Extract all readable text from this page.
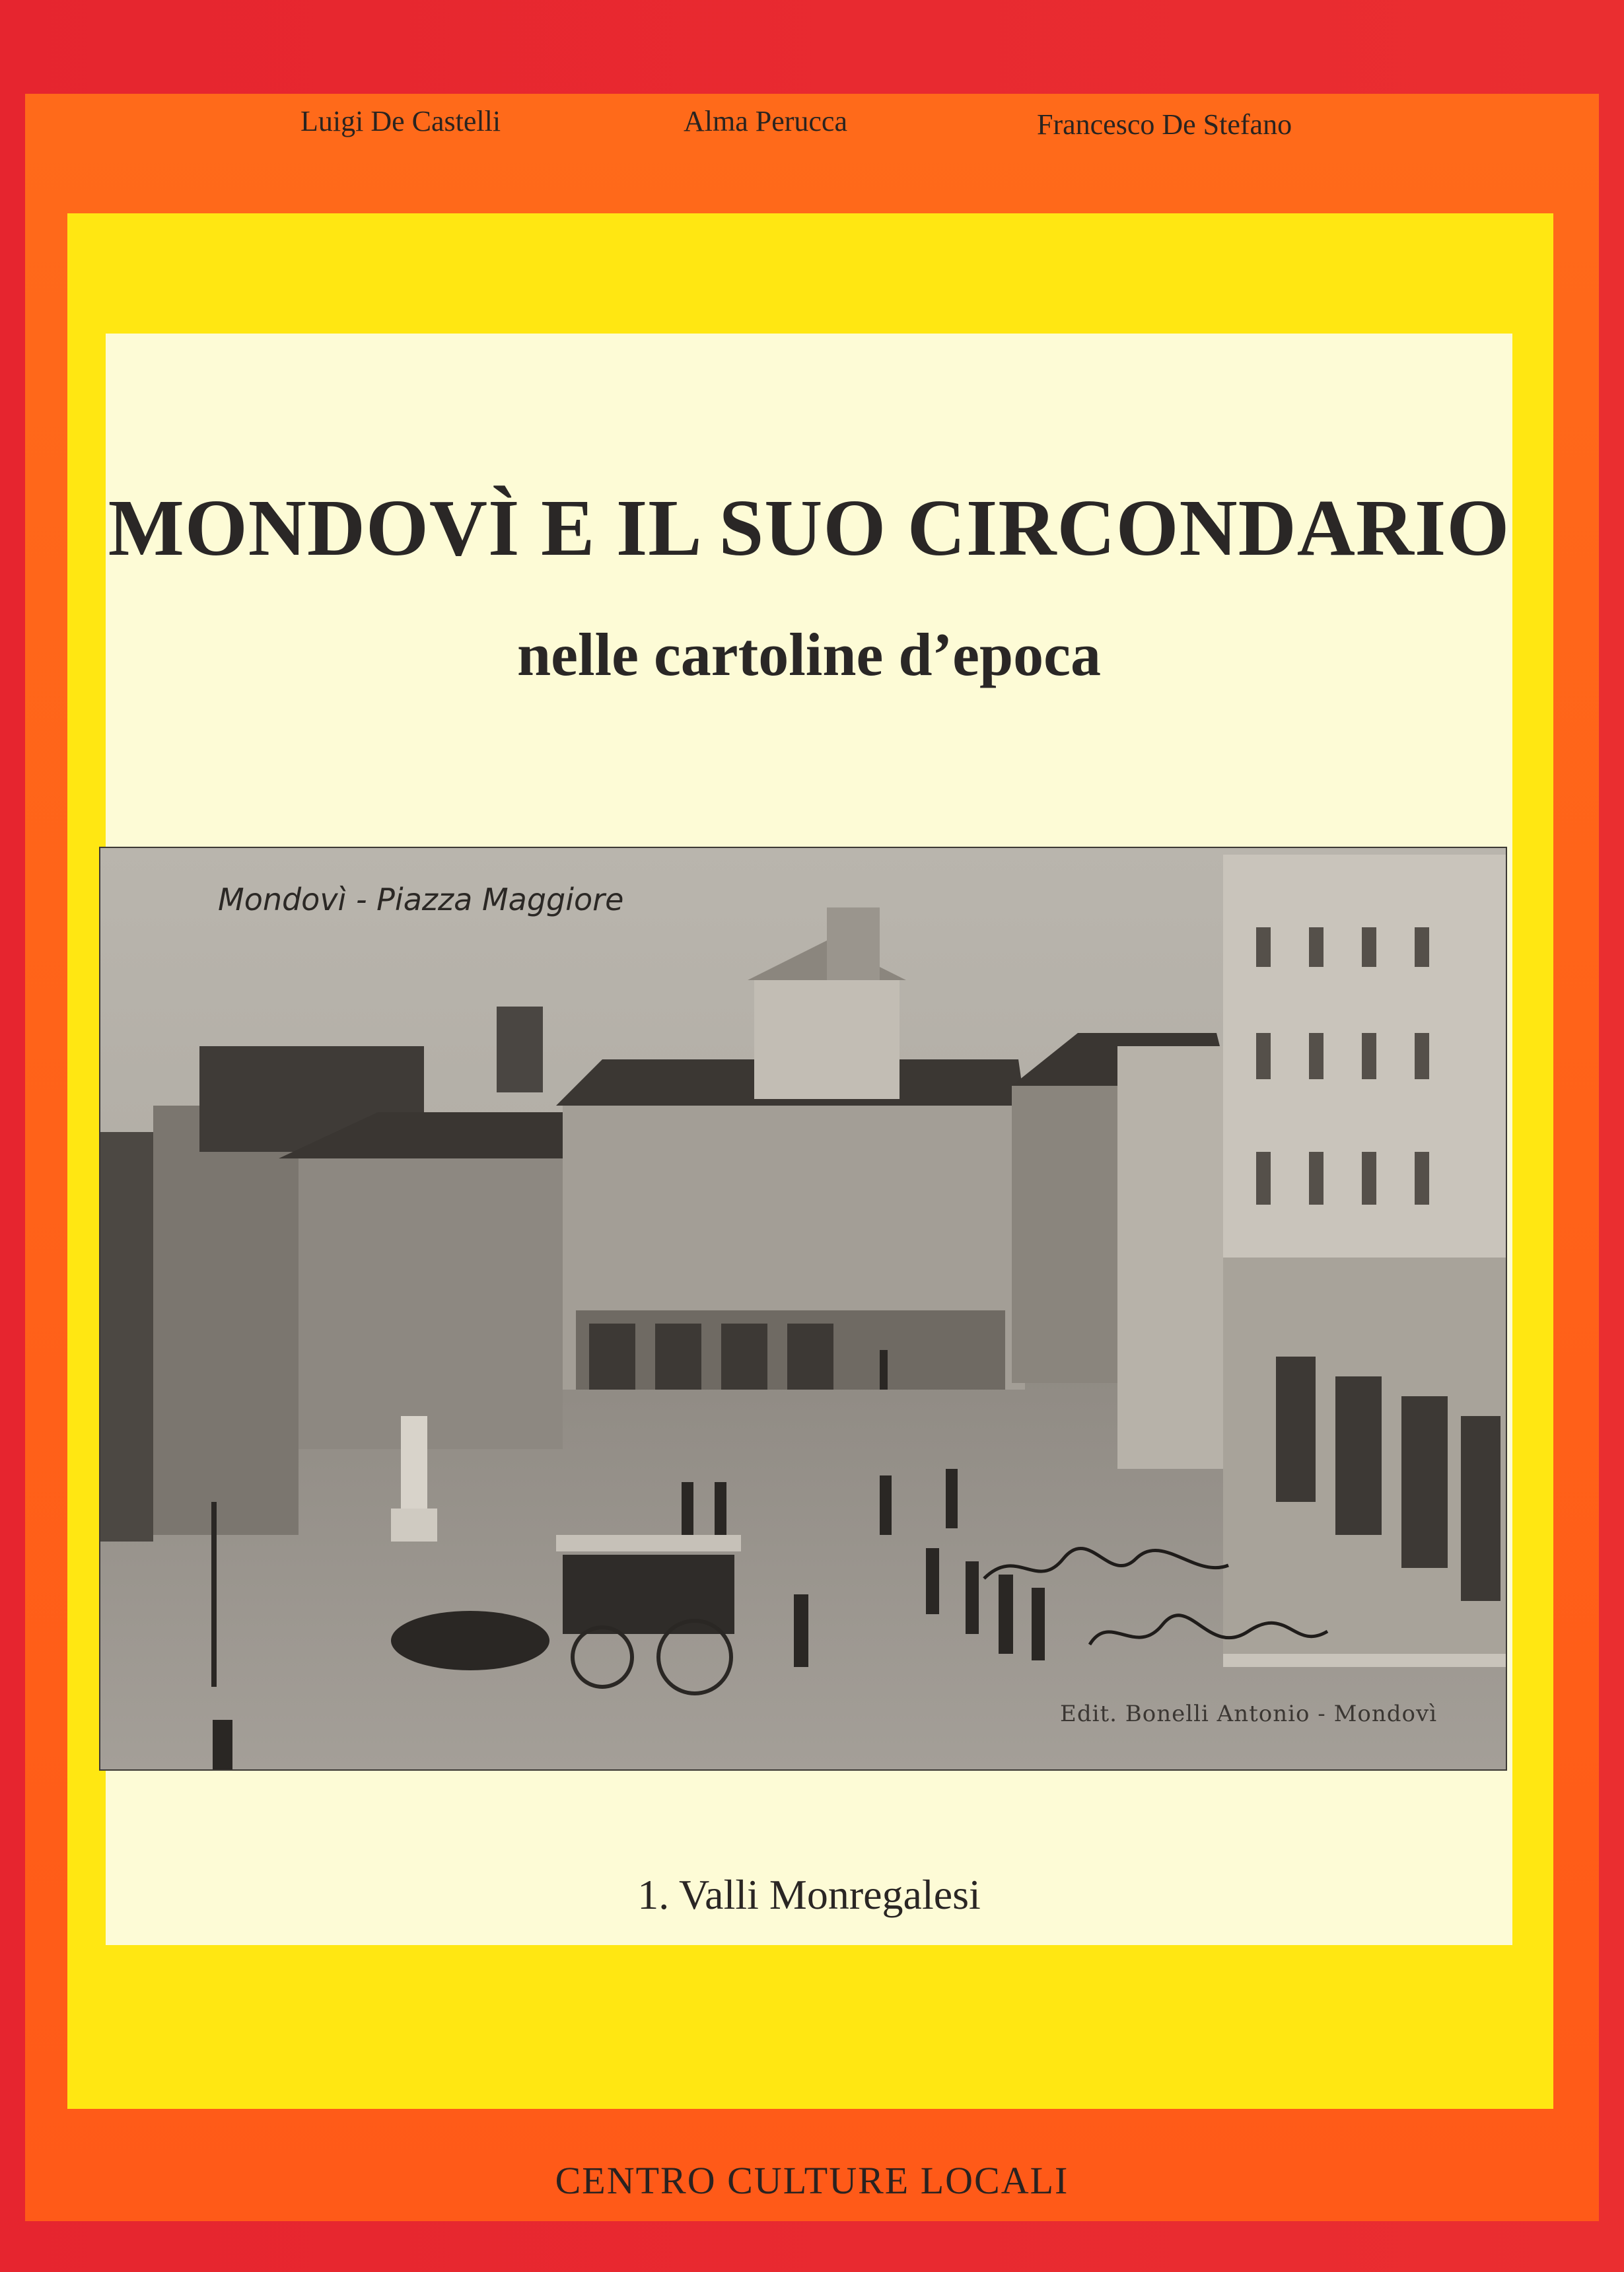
Luigi De Castelli	Alma Perucca	Francesco De Stefano
MONDOVÌ E IL SUO CIRCONDARIO
nelle cartoline d’epoca
Mondovì - Piazza Maggiore
Edit. Bonelli Antonio - Mondovì
1. Valli Monregalesi
CENTRO CULTURE LOCALI
